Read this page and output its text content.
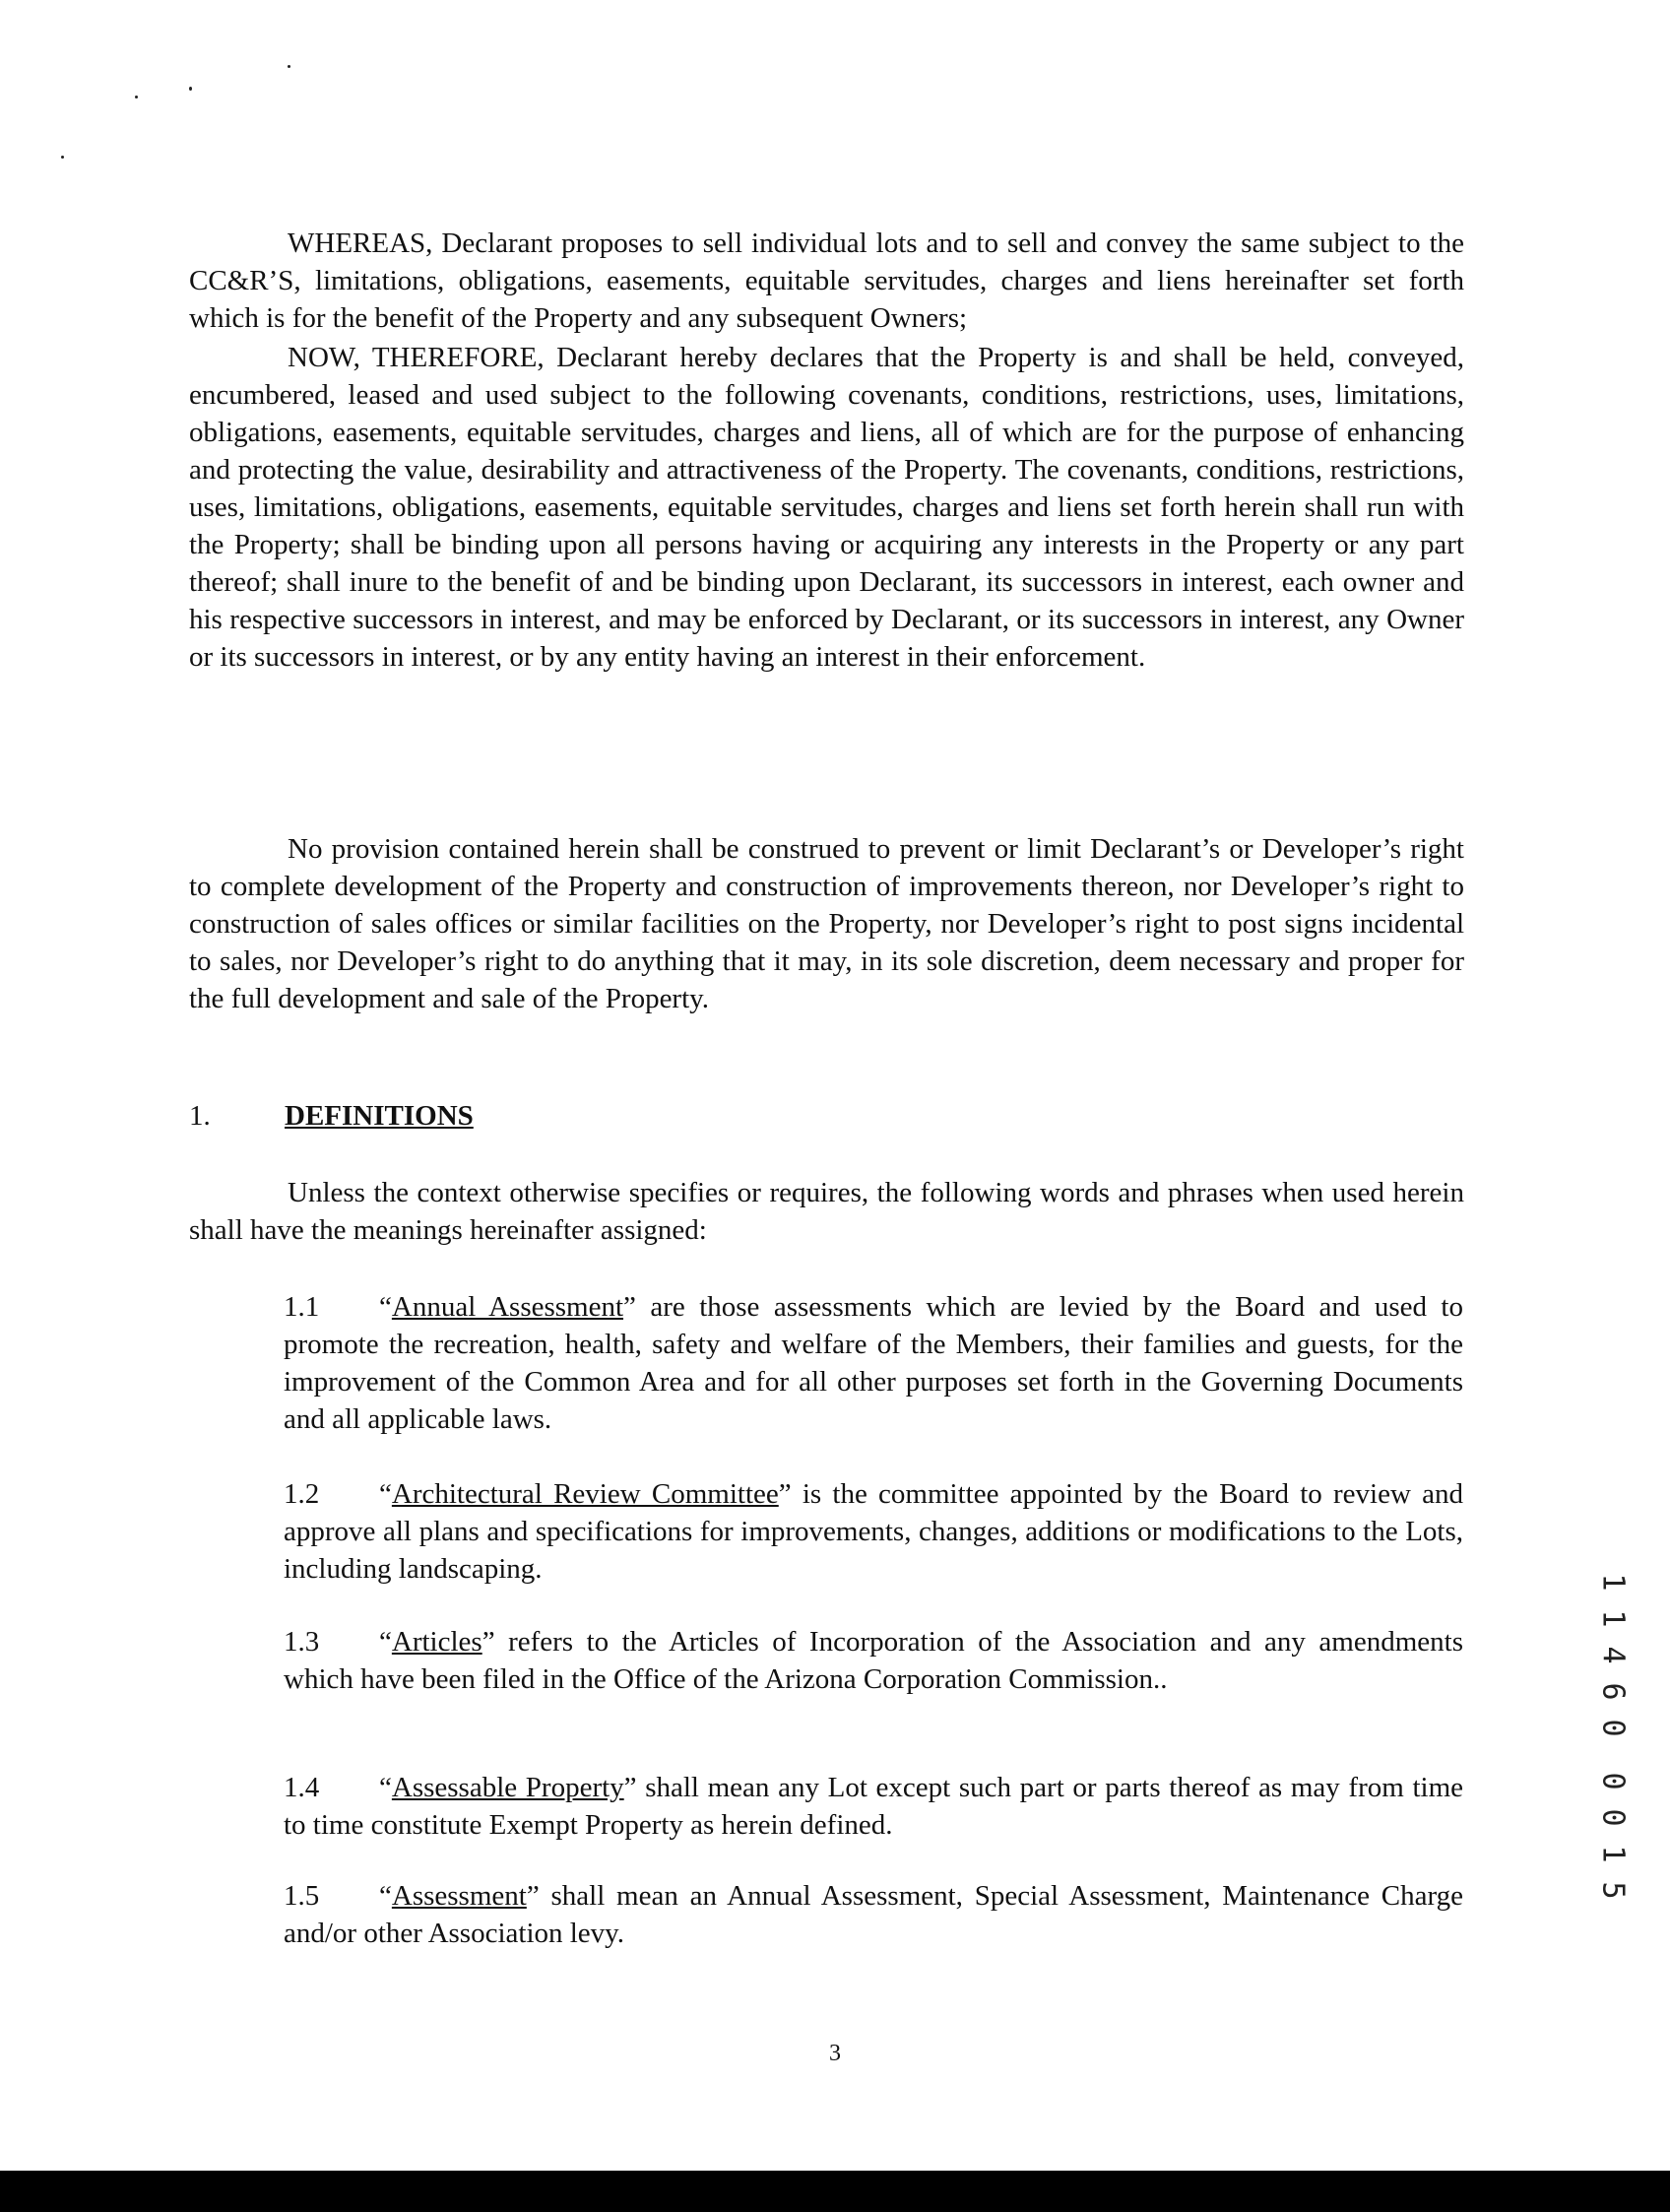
WHEREAS, Declarant proposes to sell individual lots and to sell and convey the same subject to the CC&R’S, limitations, obligations, easements, equitable servitudes, charges and liens hereinafter set forth which is for the benefit of the Property and any subsequent Owners;

NOW, THEREFORE, Declarant hereby declares that the Property is and shall be held, conveyed, encumbered, leased and used subject to the following covenants, conditions, restrictions, uses, limitations, obligations, easements, equitable servitudes, charges and liens, all of which are for the purpose of enhancing and protecting the value, desirability and attractiveness of the Property. The covenants, conditions, restrictions, uses, limitations, obligations, easements, equitable servitudes, charges and liens set forth herein shall run with the Property; shall be binding upon all persons having or acquiring any interests in the Property or any part thereof; shall inure to the benefit of and be binding upon Declarant, its successors in interest, each owner and his respective successors in interest, and may be enforced by Declarant, or its successors in interest, any Owner or its successors in interest, or by any entity having an interest in their enforcement.

No provision contained herein shall be construed to prevent or limit Declarant’s or Developer’s right to complete development of the Property and construction of improvements thereon, nor Developer’s right to construction of sales offices or similar facilities on the Property, nor Developer’s right to post signs incidental to sales, nor Developer’s right to do anything that it may, in its sole discretion, deem necessary and proper for the full development and sale of the Property.

1.	DEFINITIONS

Unless the context otherwise specifies or requires, the following words and phrases when used herein shall have the meanings hereinafter assigned:

1.1 “Annual Assessment” are those assessments which are levied by the Board and used to promote the recreation, health, safety and welfare of the Members, their families and guests, for the improvement of the Common Area and for all other purposes set forth in the Governing Documents and all applicable laws.

1.2 “Architectural Review Committee” is the committee appointed by the Board to review and approve all plans and specifications for improvements, changes, additions or modifications to the Lots, including landscaping.

1.3 “Articles” refers to the Articles of Incorporation of the Association and any amendments which have been filed in the Office of the Arizona Corporation Commission..

1.4 “Assessable Property” shall mean any Lot except such part or parts thereof as may from time to time constitute Exempt Property as herein defined.

1.5 “Assessment” shall mean an Annual Assessment, Special Assessment, Maintenance Charge and/or other Association levy.

3
1
1
4
6
0
0
0
1
5
